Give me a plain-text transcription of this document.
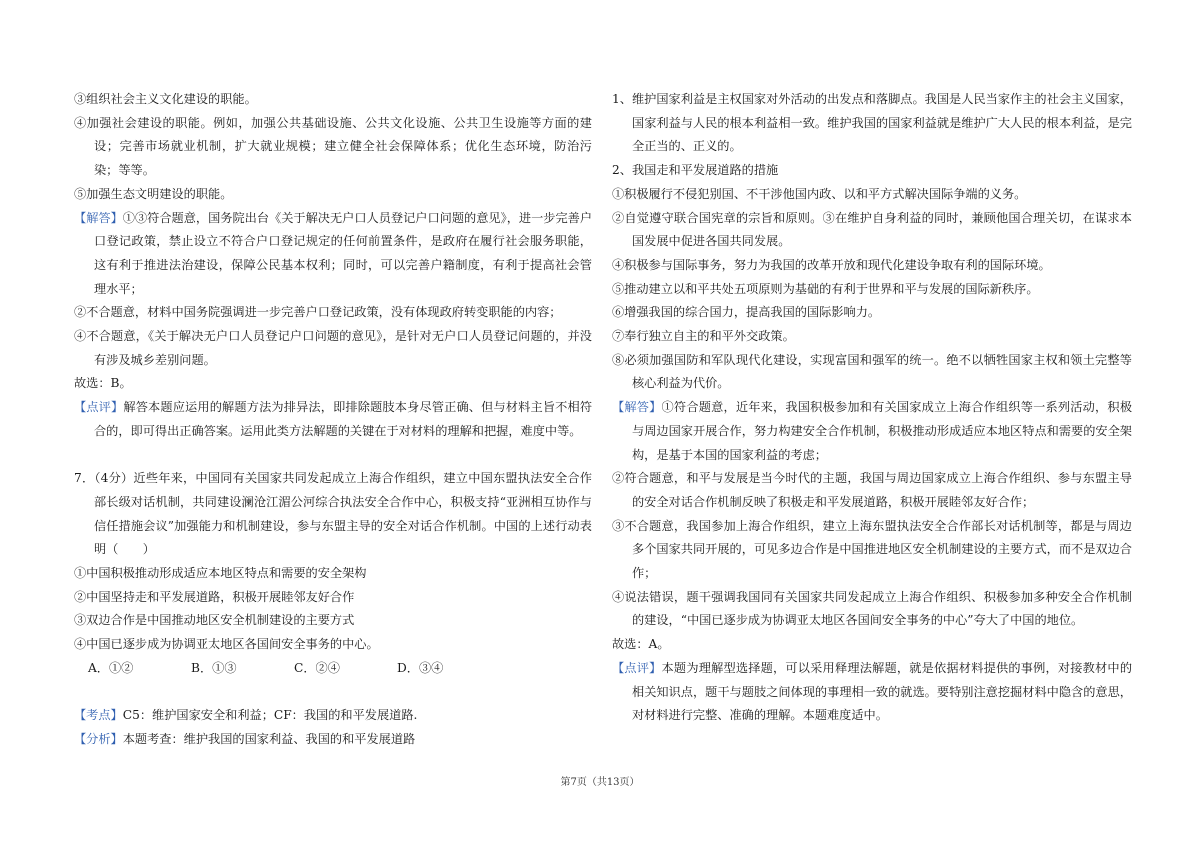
③组织社会主义文化建设的职能。
④加强社会建设的职能。例如，加强公共基础设施、公共文化设施、公共卫生设施等方面的建设；完善市场就业机制，扩大就业规模；建立健全社会保障体系；优化生态环境，防治污染；等等。
⑤加强生态文明建设的职能。
【解答】①③符合题意，国务院出台《关于解决无户口人员登记户口问题的意见》，进一步完善户口登记政策，禁止设立不符合户口登记规定的任何前置条件，是政府在履行社会服务职能，这有利于推进法治建设，保障公民基本权利；同时，可以完善户籍制度，有利于提高社会管理水平；
②不合题意，材料中国务院强调进一步完善户口登记政策，没有体现政府转变职能的内容；
④不合题意，《关于解决无户口人员登记户口问题的意见》，是针对无户口人员登记问题的，并没有涉及城乡差别问题。
故选：B。
【点评】解答本题应运用的解题方法为排异法，即排除题肢本身尽管正确、但与材料主旨不相符合的，即可得出正确答案。运用此类方法解题的关键在于对材料的理解和把握，难度中等。
7．（4分）近些年来，中国同有关国家共同发起成立上海合作组织，建立中国东盟执法安全合作部长级对话机制，共同建设澜沧江湄公河综合执法安全合作中心，积极支持“亚洲相互协作与信任措施会议”加强能力和机制建设，参与东盟主导的安全对话合作机制。中国的上述行动表明（　　）
①中国积极推动形成适应本地区特点和需要的安全架构
②中国坚持走和平发展道路，积极开展睦邻友好合作
③双边合作是中国推动地区安全机制建设的主要方式
④中国已逐步成为协调亚太地区各国间安全事务的中心。
A．①②	B．①③	C．②④	D．③④
【考点】C5：维护国家安全和利益；CF：我国的和平发展道路.
【分析】本题考查：维护我国的国家利益、我国的和平发展道路
1、维护国家利益是主权国家对外活动的出发点和落脚点。我国是人民当家作主的社会主义国家，国家利益与人民的根本利益相一致。维护我国的国家利益就是维护广大人民的根本利益，是完全正当的、正义的。
2、我国走和平发展道路的措施
①积极履行不侵犯别国、不干涉他国内政、以和平方式解决国际争端的义务。
②自觉遵守联合国宪章的宗旨和原则。③在维护自身利益的同时，兼顾他国合理关切，在谋求本国发展中促进各国共同发展。
④积极参与国际事务，努力为我国的改革开放和现代化建设争取有利的国际环境。
⑤推动建立以和平共处五项原则为基础的有利于世界和平与发展的国际新秩序。
⑥增强我国的综合国力，提高我国的国际影响力。
⑦奉行独立自主的和平外交政策。
⑧必须加强国防和军队现代化建设，实现富国和强军的统一。绝不以牺牲国家主权和领土完整等核心利益为代价。
【解答】①符合题意，近年来，我国积极参加和有关国家成立上海合作组织等一系列活动，积极与周边国家开展合作，努力构建安全合作机制，积极推动形成适应本地区特点和需要的安全架构，是基于本国的国家利益的考虑；
②符合题意，和平与发展是当今时代的主题，我国与周边国家成立上海合作组织、参与东盟主导的安全对话合作机制反映了积极走和平发展道路，积极开展睦邻友好合作；
③不合题意，我国参加上海合作组织，建立上海东盟执法安全合作部长对话机制等，都是与周边多个国家共同开展的，可见多边合作是中国推进地区安全机制建设的主要方式，而不是双边合作；
④说法错误，题干强调我国同有关国家共同发起成立上海合作组织、积极参加多种安全合作机制的建设，“中国已逐步成为协调亚太地区各国间安全事务的中心”夸大了中国的地位。
故选：A。
【点评】本题为理解型选择题，可以采用释理法解题，就是依据材料提供的事例，对接教材中的相关知识点，题干与题肢之间体现的事理相一致的就选。要特别注意挖掘材料中隐含的意思，对材料进行完整、准确的理解。本题难度适中。
第7页（共13页）
